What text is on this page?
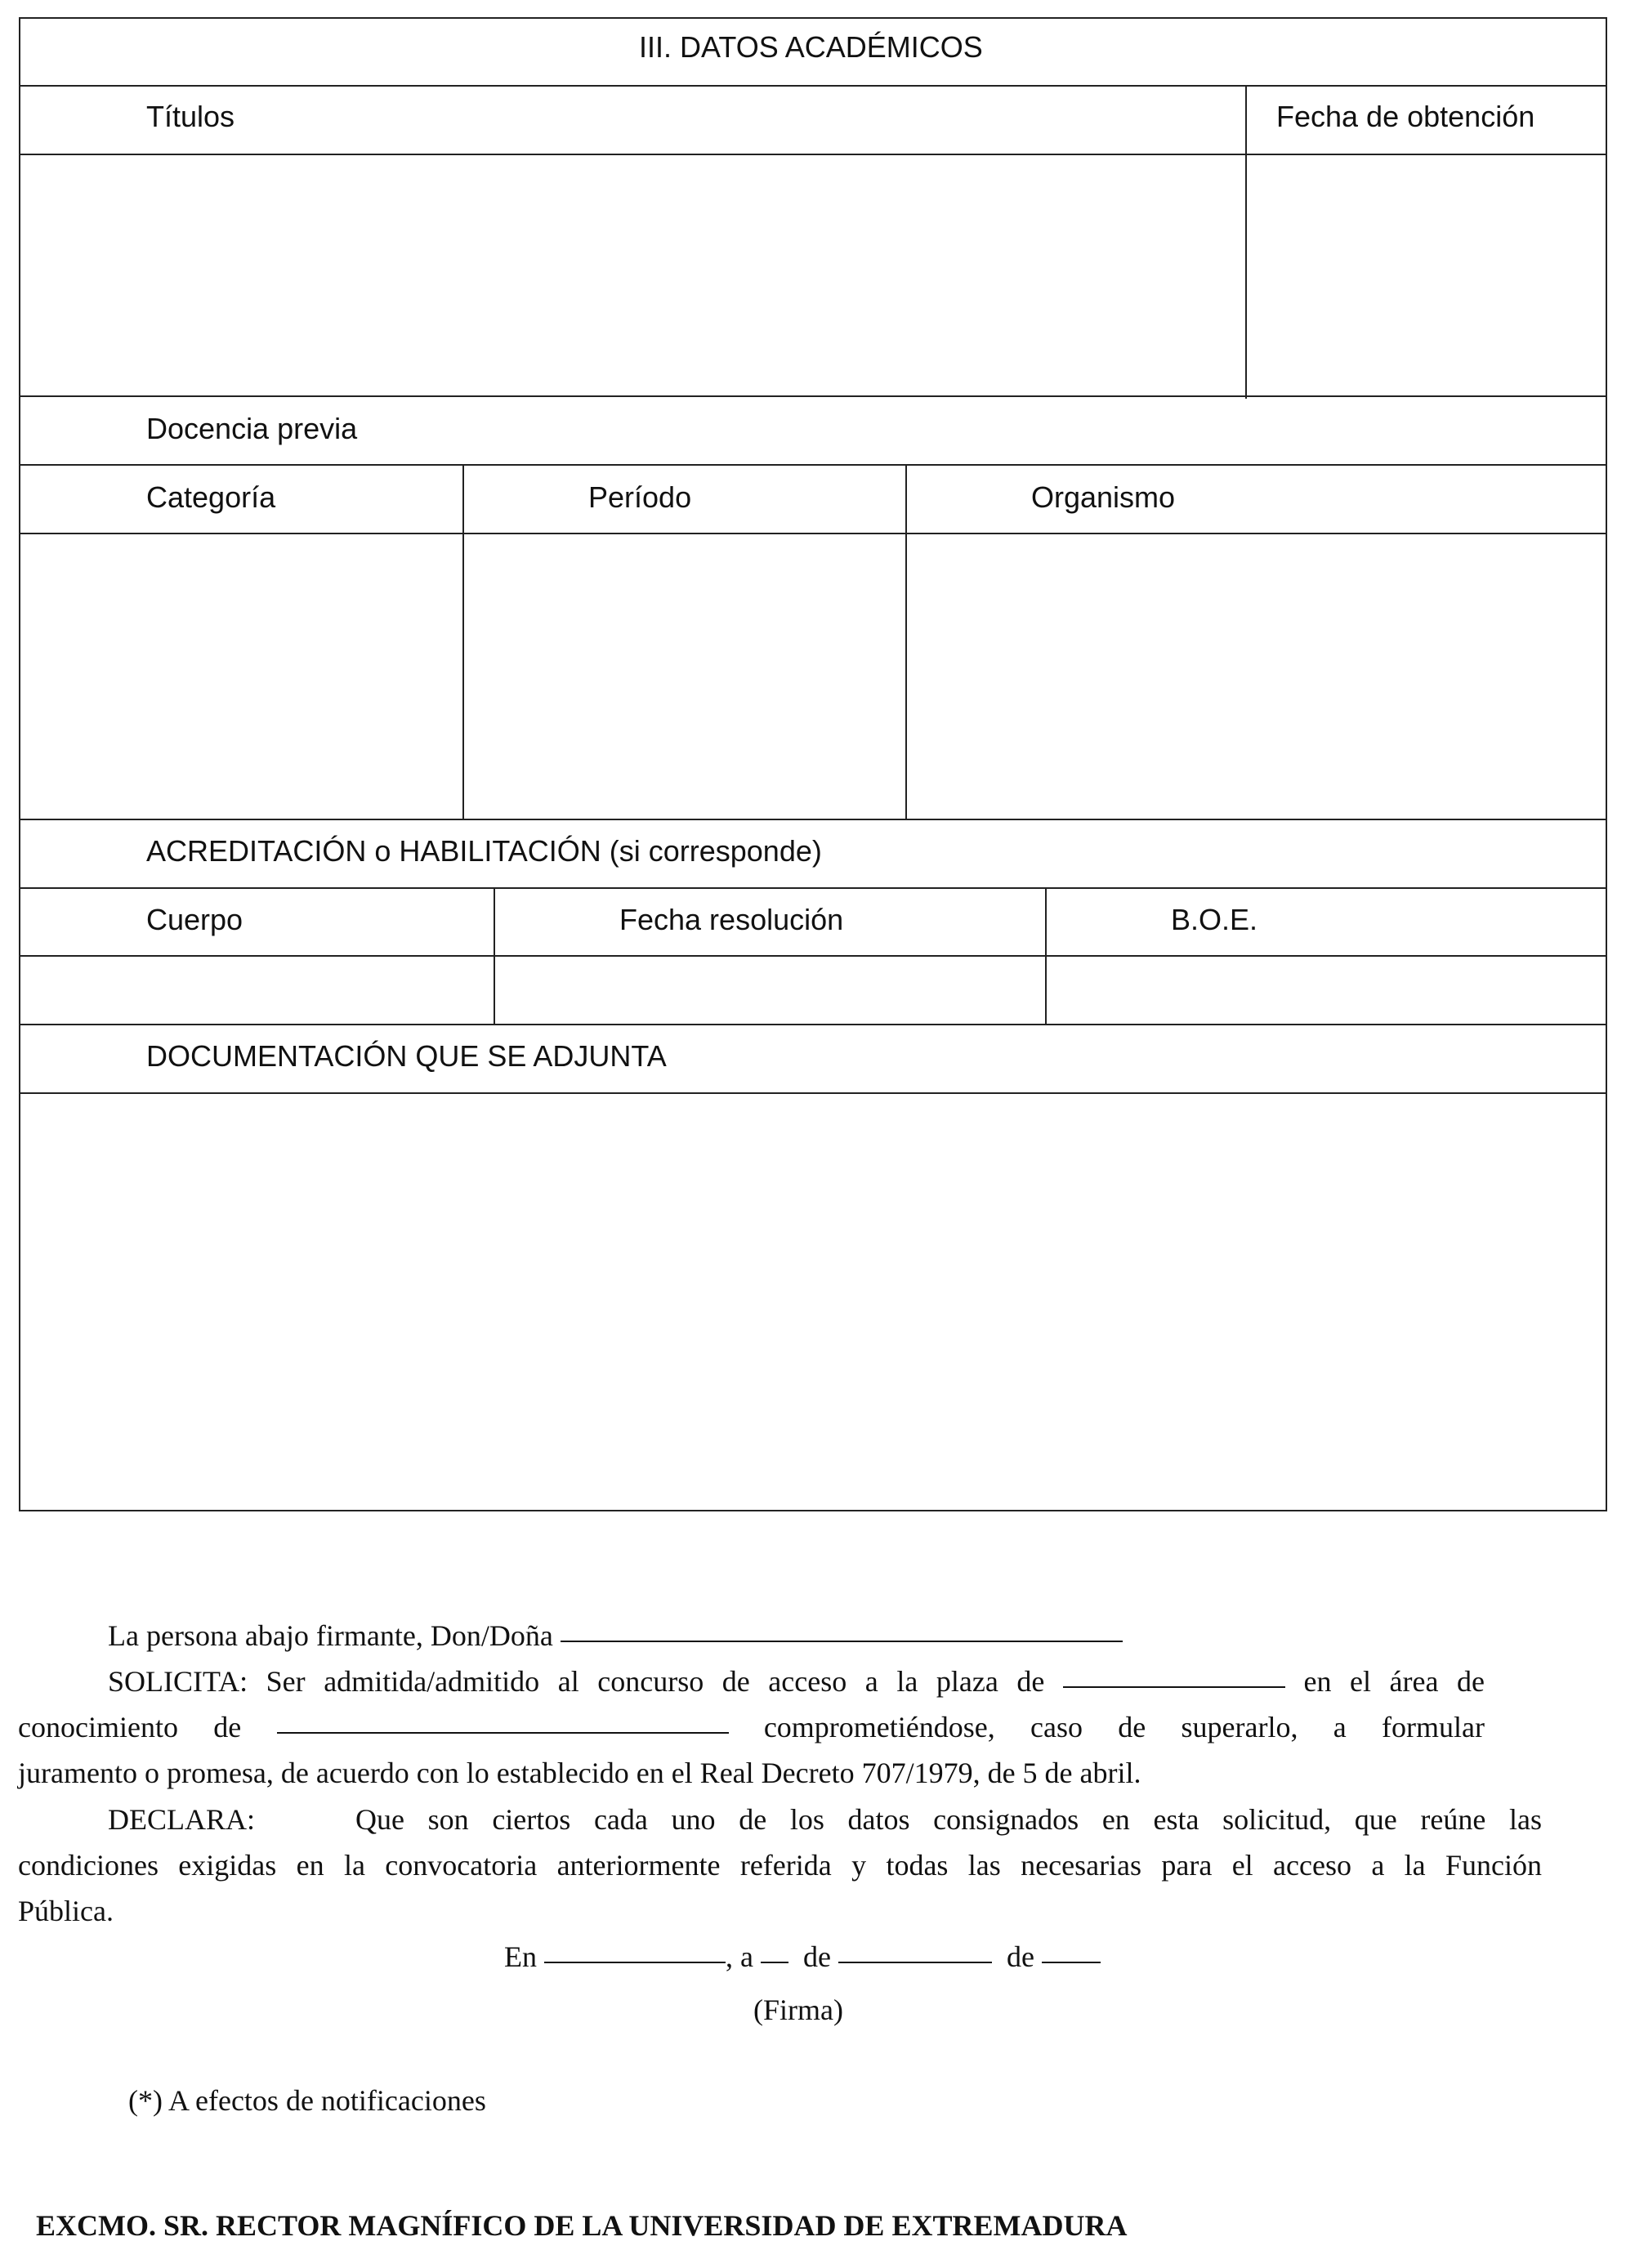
III. DATOS ACADÉMICOS
Títulos	Fecha de obtención
Docencia previa
Categoría	Período	Organismo
ACREDITACIÓN o HABILITACIÓN (si corresponde)
Cuerpo	Fecha resolución	B.O.E.
DOCUMENTACIÓN QUE SE ADJUNTA
La persona abajo firmante, Don/Doña
SOLICITA: Ser admitida/admitido al concurso de acceso a la plaza de	en el área de
conocimiento de	comprometiéndose, caso de superarlo, a formular
juramento o promesa, de acuerdo con lo establecido en el Real Decreto 707/1979, de 5 de abril.
DECLARA:	Que son ciertos cada uno de los datos consignados en esta solicitud, que reúne las
condiciones exigidas en la convocatoria anteriormente referida y todas las necesarias para el acceso a la Función
Pública.
En	, a de	de
(Firma)
(*) A efectos de notificaciones
EXCMO. SR. RECTOR MAGNÍFICO DE LA UNIVERSIDAD DE EXTREMADURA
